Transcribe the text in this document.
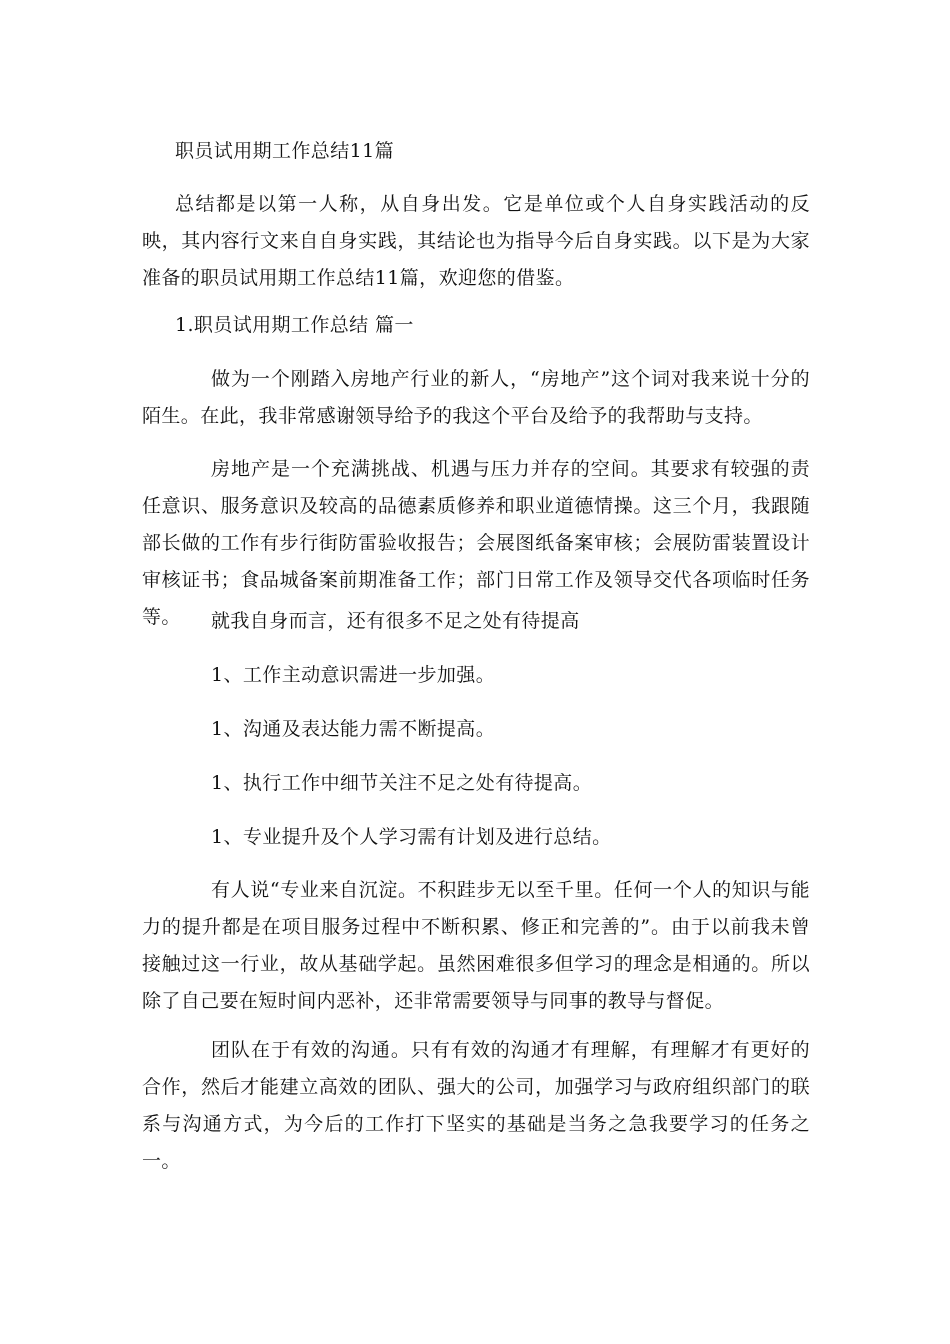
职员试用期工作总结11篇

总结都是以第一人称，从自身出发。它是单位或个人自身实践活动的反映，其内容行文来自自身实践，其结论也为指导今后自身实践。以下是为大家准备的职员试用期工作总结11篇，欢迎您的借鉴。

1.职员试用期工作总结 篇一

做为一个刚踏入房地产行业的新人，“房地产”这个词对我来说十分的陌生。在此，我非常感谢领导给予的我这个平台及给予的我帮助与支持。

房地产是一个充满挑战、机遇与压力并存的空间。其要求有较强的责任意识、服务意识及较高的品德素质修养和职业道德情操。这三个月，我跟随部长做的工作有步行街防雷验收报告；会展图纸备案审核；会展防雷装置设计审核证书；食品城备案前期准备工作；部门日常工作及领导交代各项临时任务等。	就我自身而言，还有很多不足之处有待提高

1、工作主动意识需进一步加强。

1、沟通及表达能力需不断提高。

1、执行工作中细节关注不足之处有待提高。

1、专业提升及个人学习需有计划及进行总结。

有人说“专业来自沉淀。不积跬步无以至千里。任何一个人的知识与能力的提升都是在项目服务过程中不断积累、修正和完善的”。由于以前我未曾接触过这一行业，故从基础学起。虽然困难很多但学习的理念是相通的。所以除了自己要在短时间内恶补，还非常需要领导与同事的教导与督促。

团队在于有效的沟通。只有有效的沟通才有理解，有理解才有更好的合作，然后才能建立高效的团队、强大的公司，加强学习与政府组织部门的联系与沟通方式，为今后的工作打下坚实的基础是当务之急我要学习的任务之一。
